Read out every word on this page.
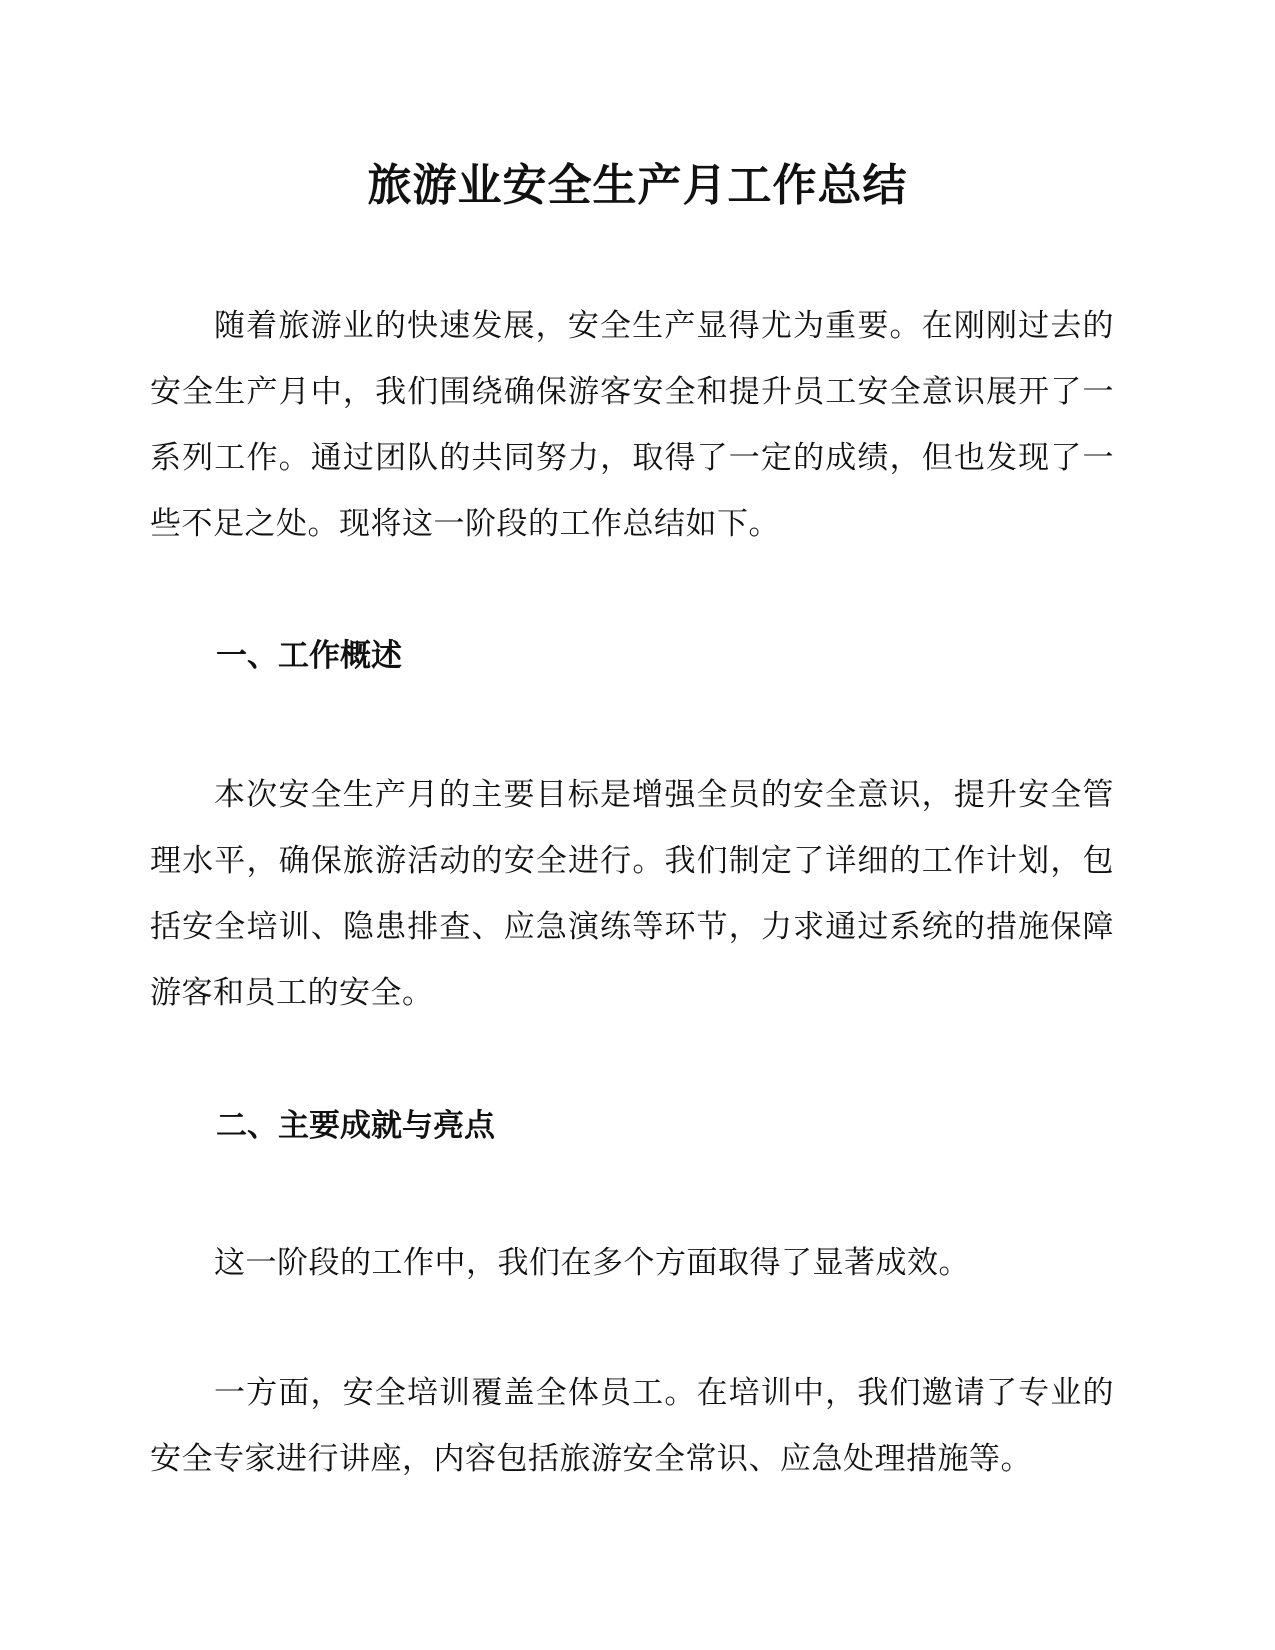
旅游业安全生产月工作总结

随着旅游业的快速发展，安全生产显得尤为重要。在刚刚过去的安全生产月中，我们围绕确保游客安全和提升员工安全意识展开了一系列工作。通过团队的共同努力，取得了一定的成绩，但也发现了一些不足之处。现将这一阶段的工作总结如下。

一、工作概述

本次安全生产月的主要目标是增强全员的安全意识，提升安全管理水平，确保旅游活动的安全进行。我们制定了详细的工作计划，包括安全培训、隐患排查、应急演练等环节，力求通过系统的措施保障游客和员工的安全。

二、主要成就与亮点

这一阶段的工作中，我们在多个方面取得了显著成效。

一方面，安全培训覆盖全体员工。在培训中，我们邀请了专业的安全专家进行讲座，内容包括旅游安全常识、应急处理措施等。
